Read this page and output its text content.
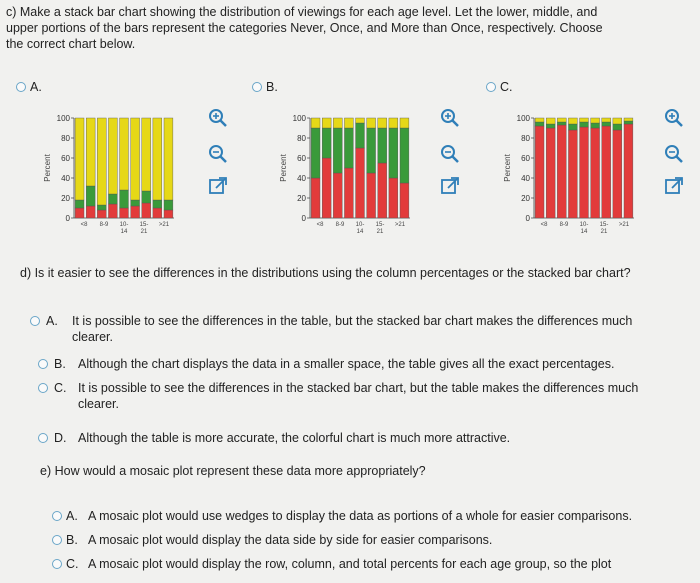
c) Make a stack bar chart showing the distribution of viewings for each age level. Let the lower, middle, and
upper portions of the bars represent the categories Never, Once, and More than Once, respectively. Choose
the correct chart below.
A.	B.	C.
Percent
100
80
60
40
20
0
<8 8-9 10- 15- >21
14 21
Percent
100
80
60
40
20
0
<8 8-9 10- 15- >21
14 21
Percent
100
80
60
40
20
0
<8 8-9 10- 15- >21
14 21
d) Is it easier to see the differences in the distributions using the column percentages or the stacked bar chart?
A. It is possible to see the differences in the table, but the stacked bar chart makes the differences much
clearer.
B. Although the chart displays the data in a smaller space, the table gives all the exact percentages.
C. It is possible to see the differences in the stacked bar chart, but the table makes the differences much
clearer.
D. Although the table is more accurate, the colorful chart is much more attractive.
e) How would a mosaic plot represent these data more appropriately?
A. A mosaic plot would use wedges to display the data as portions of a whole for easier comparisons.
B. A mosaic plot would display the data side by side for easier comparisons.
C. A mosaic plot would display the row, column, and total percents for each age group, so the plot
